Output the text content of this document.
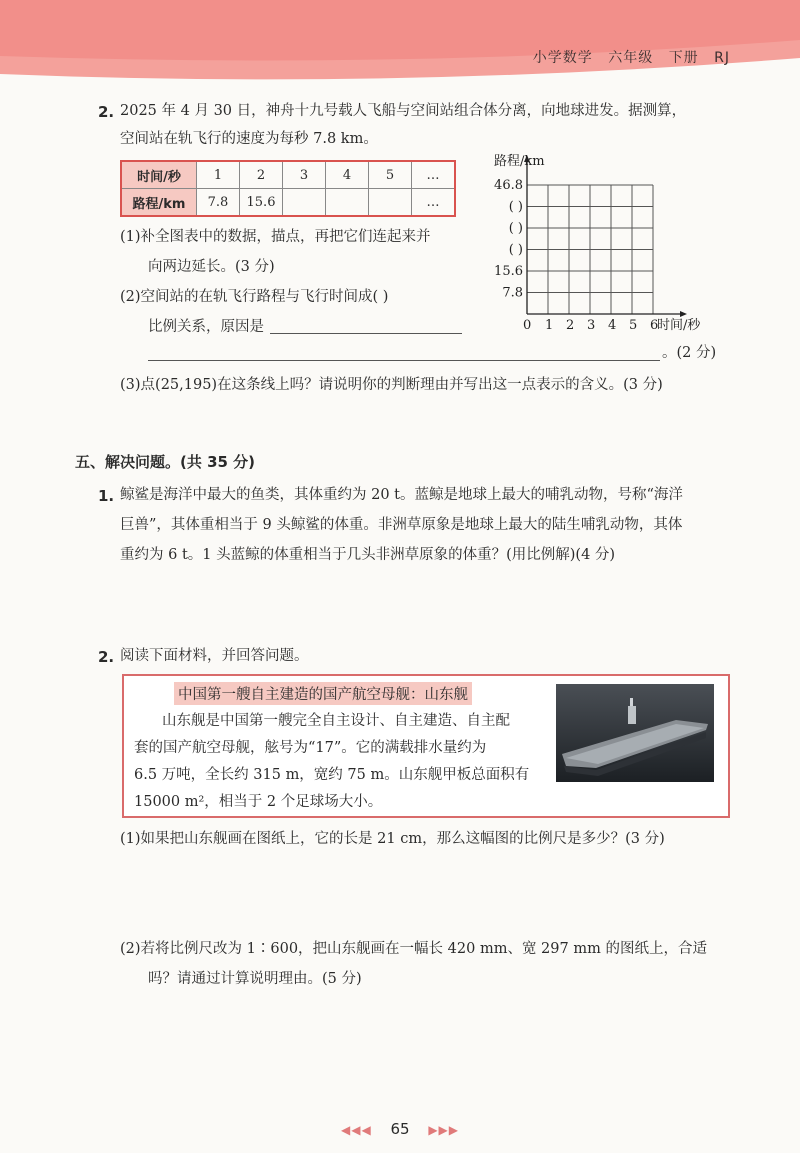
小学数学 六年级 下册 RJ
2. 2025 年 4 月 30 日，神舟十九号载人飞船与空间站组合体分离，向地球进发。据测算，
空间站在轨飞行的速度为每秒 7.8 km。
时间/秒	1	2	3	4	5	…
路程/km	7.8	15.6				…
(1)补全图表中的数据，描点，再把它们连起来并
向两边延长。(3 分)
(2)空间站的在轨飞行路程与飞行时间成( )
比例关系，原因是
。(2 分)
(3)点(25,195)在这条线上吗？请说明你的判断理由并写出这一点表示的含义。(3 分)
0 1 2 3 4 5 6
7.8
15.6
( )
( )
( )
46.8
路程/km
时间/秒
五、解决问题。(共 35 分)
1. 鲸鲨是海洋中最大的鱼类，其体重约为 20 t。蓝鲸是地球上最大的哺乳动物，号称“海洋
巨兽”，其体重相当于 9 头鲸鲨的体重。非洲草原象是地球上最大的陆生哺乳动物，其体
重约为 6 t。1 头蓝鲸的体重相当于几头非洲草原象的体重？(用比例解)(4 分)
2. 阅读下面材料，并回答问题。
中国第一艘自主建造的国产航空母舰：山东舰
山东舰是中国第一艘完全自主设计、自主建造、自主配
套的国产航空母舰，舷号为“17”。它的满载排水量约为
6.5 万吨，全长约 315 m，宽约 75 m。山东舰甲板总面积有
15000 m²，相当于 2 个足球场大小。
(1)如果把山东舰画在图纸上，它的长是 21 cm，那么这幅图的比例尺是多少？(3 分)
(2)若将比例尺改为 1∶600，把山东舰画在一幅长 420 mm、宽 297 mm 的图纸上，合适
吗？请通过计算说明理由。(5 分)
◀◀◀ 65 ▶▶▶
